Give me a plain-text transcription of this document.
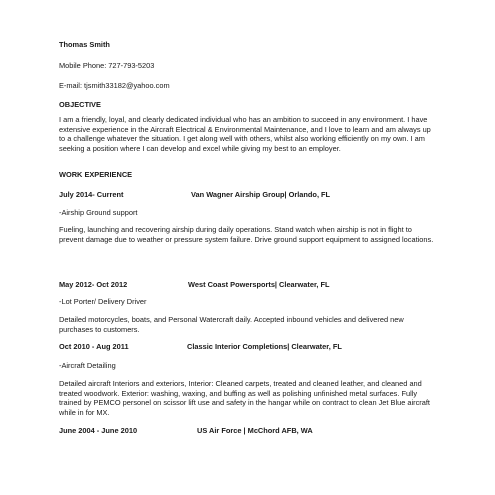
Thomas Smith
Mobile Phone: 727-793-5203
E-mail: tjsmith33182@yahoo.com
OBJECTIVE
I am a friendly, loyal, and clearly dedicated individual who has an ambition to succeed in any environment. I have extensive experience in the Aircraft Electrical & Environmental Maintenance, and I love to learn and am always up to a challenge whatever the situation. I get along well with others, whilst also working efficiently on my own. I am seeking a position where I can develop and excel while giving my best to an employer.
WORK EXPERIENCE
July 2014- Current	Van Wagner Airship Group| Orlando, FL
-Airship Ground support
Fueling, launching and recovering airship during daily operations. Stand watch when airship is not in flight to prevent damage due to weather or pressure system failure. Drive ground support equipment to assigned locations.
May 2012- Oct 2012	West Coast Powersports| Clearwater, FL
-Lot Porter/ Delivery Driver
Detailed motorcycles, boats, and Personal Watercraft daily. Accepted inbound vehicles and delivered new purchases to customers.
Oct 2010 - Aug 2011	Classic Interior Completions| Clearwater, FL
-Aircraft Detailing
Detailed aircraft Interiors and exteriors, Interior: Cleaned carpets, treated and cleaned leather, and cleaned and treated woodwork. Exterior: washing, waxing, and buffing as well as polishing unfinished metal surfaces. Fully trained by PEMCO personel on scissor lift use and safety in the hangar while on contract to clean Jet Blue aircraft while in for MX.
June 2004 - June 2010	US Air Force | McChord AFB, WA
